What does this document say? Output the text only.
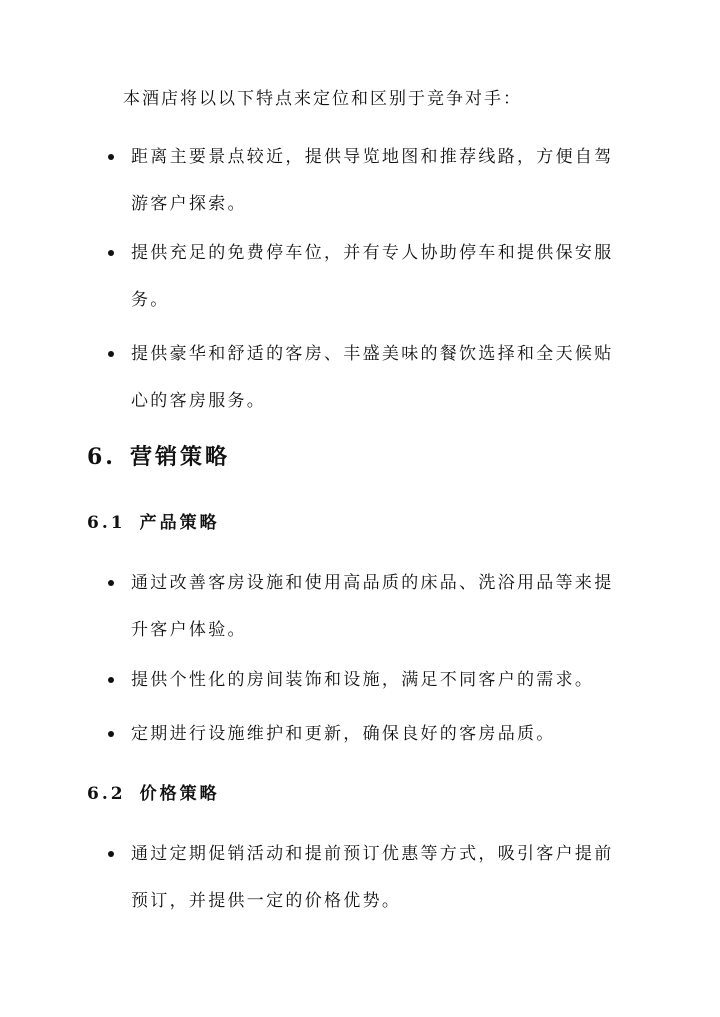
本酒店将以以下特点来定位和区别于竞争对手：

距离主要景点较近，提供导览地图和推荐线路，方便自驾游客户探索。
提供充足的免费停车位，并有专人协助停车和提供保安服务。
提供豪华和舒适的客房、丰盛美味的餐饮选择和全天候贴心的客房服务。
6. 营销策略
6.1 产品策略
通过改善客房设施和使用高品质的床品、洗浴用品等来提升客户体验。
提供个性化的房间装饰和设施，满足不同客户的需求。
定期进行设施维护和更新，确保良好的客房品质。
6.2 价格策略
通过定期促销活动和提前预订优惠等方式，吸引客户提前预订，并提供一定的价格优势。
